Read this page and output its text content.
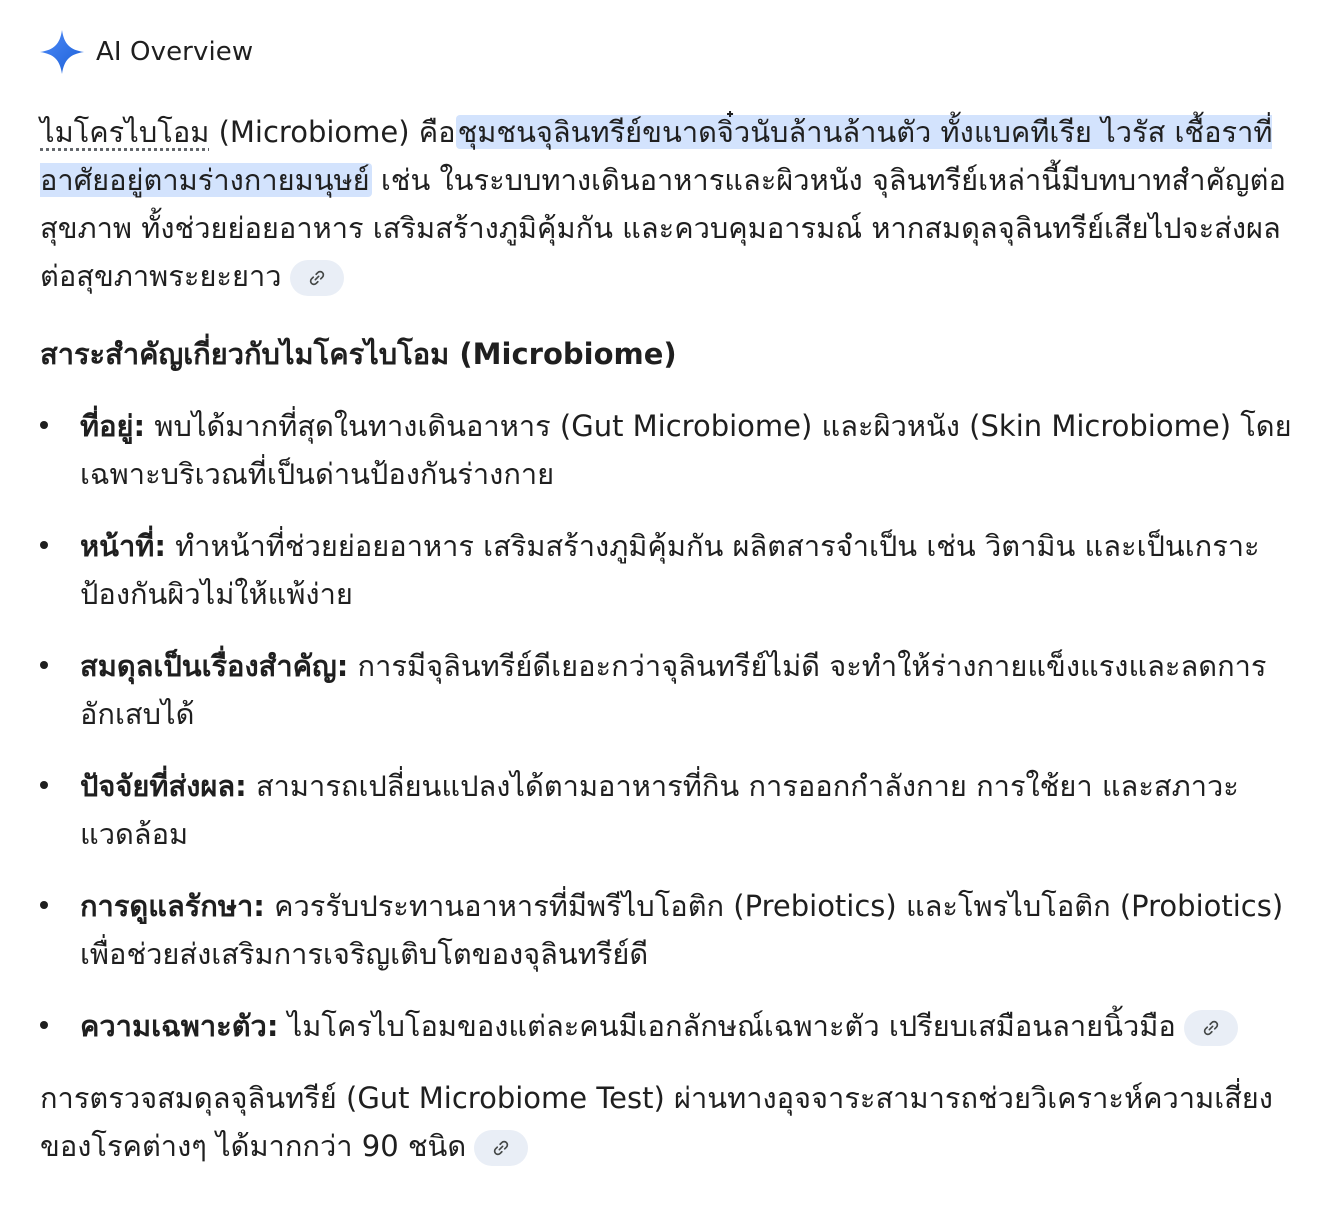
AI Overview

ไมโครไบโอม (Microbiome) คือชุมชนจุลินทรีย์ขนาดจิ๋วนับล้านล้านตัว ทั้งแบคทีเรีย ไวรัส เชื้อราที่อาศัยอยู่ตามร่างกายมนุษย์ เช่น ในระบบทางเดินอาหารและผิวหนัง จุลินทรีย์เหล่านี้มีบทบาทสำคัญต่อสุขภาพ ทั้งช่วยย่อยอาหาร เสริมสร้างภูมิคุ้มกัน และควบคุมอารมณ์ หากสมดุลจุลินทรีย์เสียไปจะส่งผลต่อสุขภาพระยะยาว

สาระสำคัญเกี่ยวกับไมโครไบโอม (Microbiome)
ที่อยู่: พบได้มากที่สุดในทางเดินอาหาร (Gut Microbiome) และผิวหนัง (Skin Microbiome) โดยเฉพาะบริเวณที่เป็นด่านป้องกันร่างกาย
หน้าที่: ทำหน้าที่ช่วยย่อยอาหาร เสริมสร้างภูมิคุ้มกัน ผลิตสารจำเป็น เช่น วิตามิน และเป็นเกราะป้องกันผิวไม่ให้แพ้ง่าย
สมดุลเป็นเรื่องสำคัญ: การมีจุลินทรีย์ดีเยอะกว่าจุลินทรีย์ไม่ดี จะทำให้ร่างกายแข็งแรงและลดการอักเสบได้
ปัจจัยที่ส่งผล: สามารถเปลี่ยนแปลงได้ตามอาหารที่กิน การออกกำลังกาย การใช้ยา และสภาวะแวดล้อม
การดูแลรักษา: ควรรับประทานอาหารที่มีพรีไบโอติก (Prebiotics) และโพรไบโอติก (Probiotics) เพื่อช่วยส่งเสริมการเจริญเติบโตของจุลินทรีย์ดี
ความเฉพาะตัว: ไมโครไบโอมของแต่ละคนมีเอกลักษณ์เฉพาะตัว เปรียบเสมือนลายนิ้วมือ

การตรวจสมดุลจุลินทรีย์ (Gut Microbiome Test) ผ่านทางอุจจาระสามารถช่วยวิเคราะห์ความเสี่ยงของโรคต่างๆ ได้มากกว่า 90 ชนิด
